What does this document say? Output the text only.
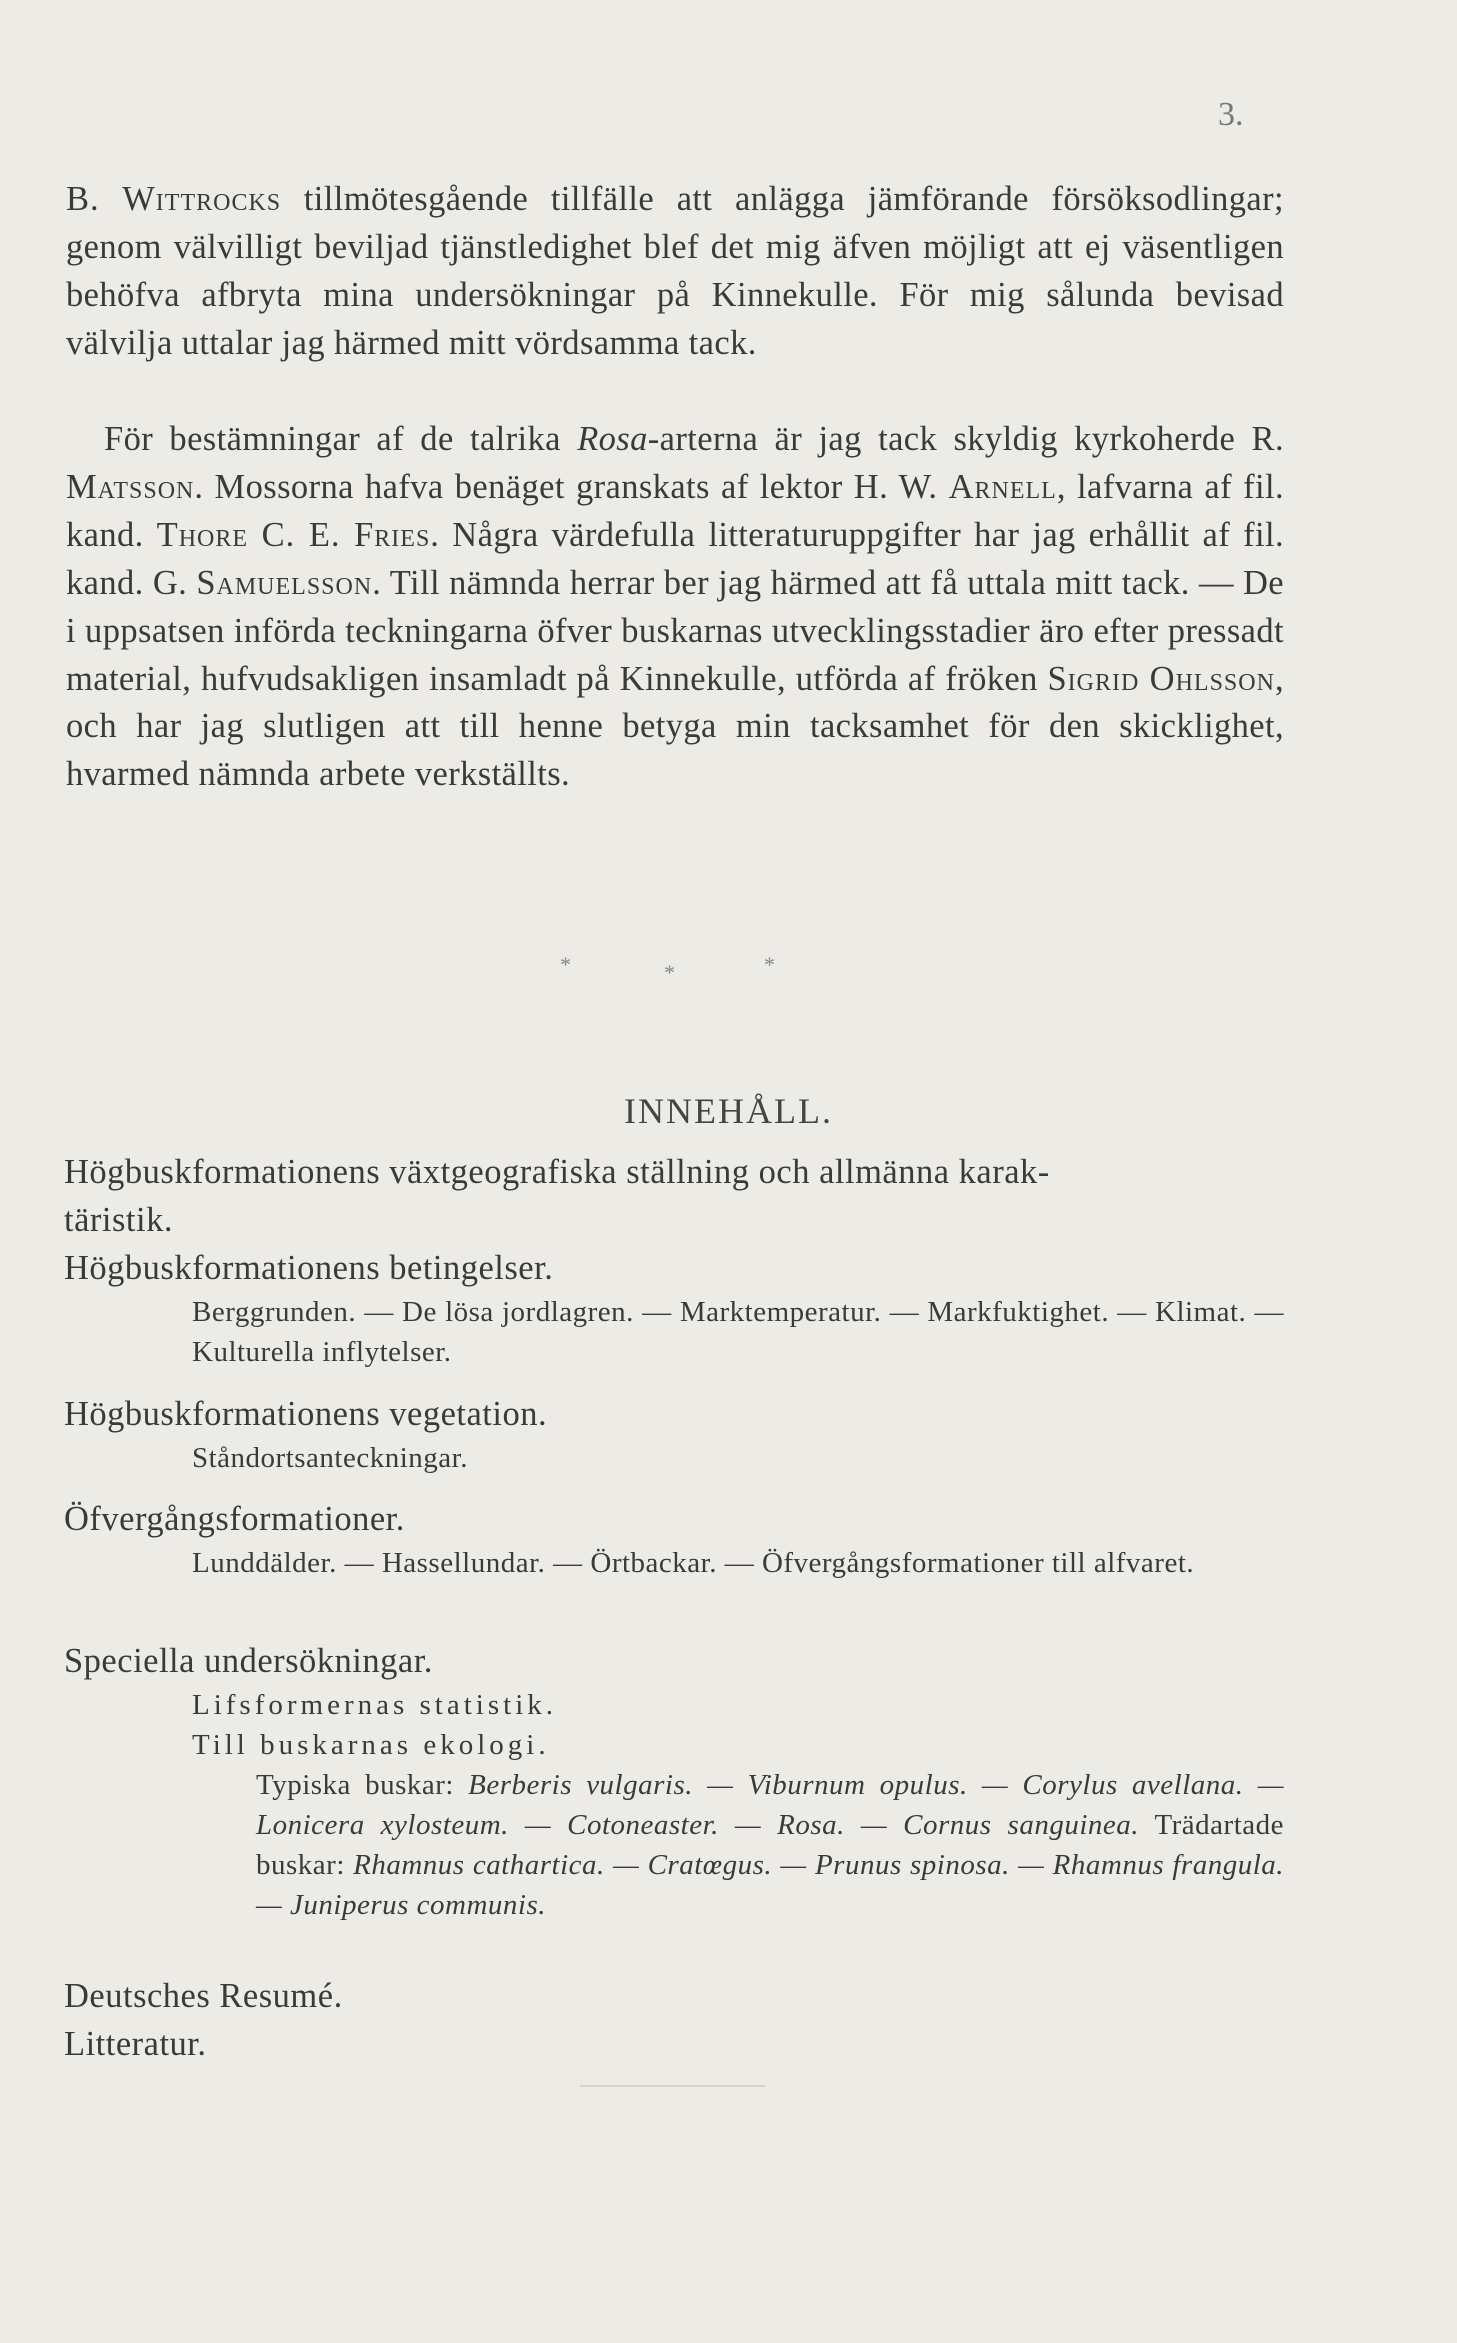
3.

B. Wittrocks tillmötesgående tillfälle att anlägga jämförande försöksodlingar; genom välvilligt beviljad tjänstledighet blef det mig äfven möjligt att ej väsentligen behöfva afbryta mina undersökningar på Kinnekulle. För mig sålunda bevisad välvilja uttalar jag härmed mitt vördsamma tack.

För bestämningar af de talrika Rosa-arterna är jag tack skyldig kyrkoherde R. Matsson. Mossorna hafva benäget granskats af lektor H. W. Arnell, lafvarna af fil. kand. Thore C. E. Fries. Några värdefulla litteraturuppgifter har jag erhållit af fil. kand. G. Samuelsson. Till nämnda herrar ber jag härmed att få uttala mitt tack. — De i uppsatsen införda teckningarna öfver buskarnas utvecklingsstadier äro efter pressadt material, hufvudsakligen insamladt på Kinnekulle, utförda af fröken Sigrid Ohlsson, och har jag slutligen att till henne betyga min tacksamhet för den skicklighet, hvarmed nämnda arbete verkställts.

*	*	*
INNEHÅLL.
Högbuskformationens växtgeografiska ställning och allmänna karak-
täristik.
Högbuskformationens betingelser.
Berggrunden. — De lösa jordlagren. — Marktemperatur. — Markfuktighet. — Klimat. — Kulturella inflytelser.
Högbuskformationens vegetation.
Ståndortsanteckningar.
Öfvergångsformationer.
Lunddälder. — Hassellundar. — Örtbackar. — Öfvergångsformationer till alfvaret.
Speciella undersökningar.
Lifsformernas statistik.
Till buskarnas ekologi.
Typiska buskar: Berberis vulgaris. — Viburnum opulus. — Corylus avellana. — Lonicera xylosteum. — Cotoneaster. — Rosa. — Cornus sanguinea. Trädartade buskar: Rhamnus cathartica. — Cratœgus. — Prunus spinosa. — Rhamnus frangula. — Juniperus communis.
Deutsches Resumé.
Litteratur.
